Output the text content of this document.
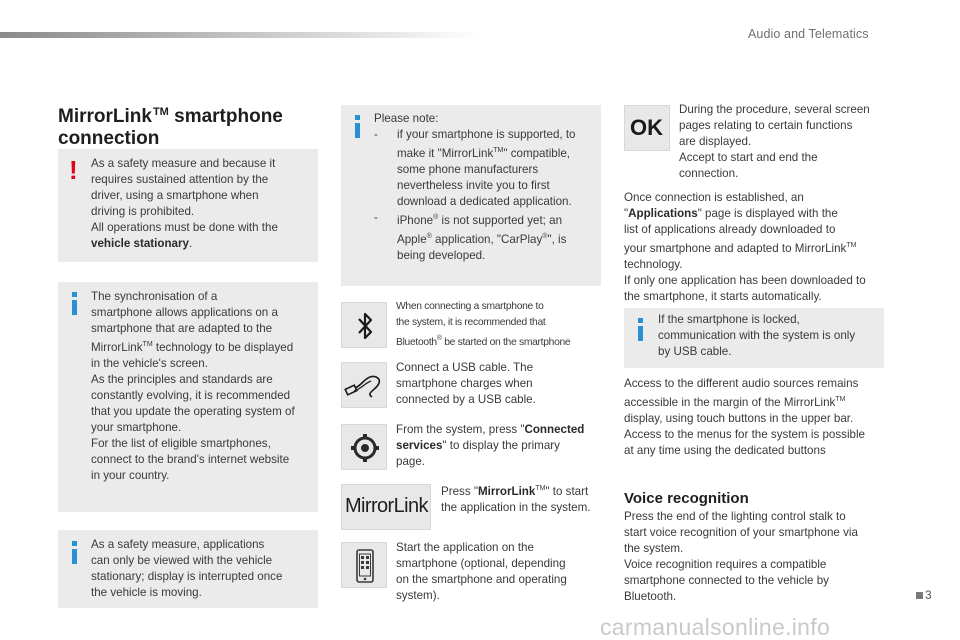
Audio and Telematics
MirrorLink™ smartphone
connection
! As a safety measure and because it
requires sustained attention by the
driver, using a smartphone when
driving is prohibited.
All operations must be done with the
vehicle stationary.
The synchronisation of a
smartphone allows applications on a
smartphone that are adapted to the
MirrorLink™ technology to be displayed
in the vehicle's screen.
As the principles and standards are
constantly evolving, it is recommended
that you update the operating system of
your smartphone.
For the list of eligible smartphones,
connect to the brand's internet website
in your country.
As a safety measure, applications
can only be viewed with the vehicle
stationary; display is interrupted once
the vehicle is moving.
Please note:
- if your smartphone is supported, to
make it "MirrorLink™" compatible,
some phone manufacturers
nevertheless invite you to first
download a dedicated application.
- iPhone® is not supported yet; an
Apple® application, "CarPlay®", is
being developed.
When connecting a smartphone to
the system, it is recommended that
Bluetooth® be started on the smartphone
Connect a USB cable. The
smartphone charges when
connected by a USB cable.
From the system, press "Connected
services" to display the primary
page.
MirrorLink
Press "MirrorLink™" to start
the application in the system.
Start the application on the
smartphone (optional, depending
on the smartphone and operating
system).
OK
During the procedure, several screen
pages relating to certain functions
are displayed.
Accept to start and end the
connection.
Once connection is established, an
"Applications" page is displayed with the
list of applications already downloaded to
your smartphone and adapted to MirrorLink™
technology.
If only one application has been downloaded to
the smartphone, it starts automatically.
If the smartphone is locked,
communication with the system is only
by USB cable.
Access to the different audio sources remains
accessible in the margin of the MirrorLink™
display, using touch buttons in the upper bar.
Access to the menus for the system is possible
at any time using the dedicated buttons
Voice recognition
Press the end of the lighting control stalk to
start voice recognition of your smartphone via
the system.
Voice recognition requires a compatible
smartphone connected to the vehicle by
Bluetooth.	3
carmanualsonline.info
